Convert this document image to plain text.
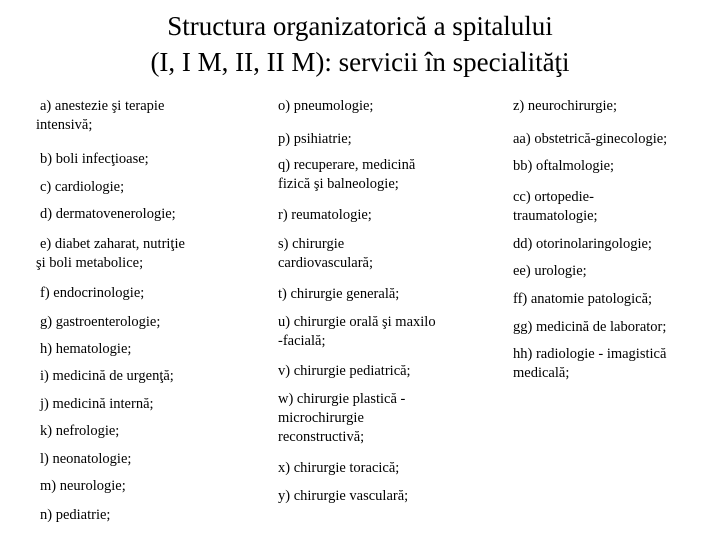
Structura organizatorică a spitalului
(I, I M, II, II M): servicii în specialităţi
a) anestezie şi terapie
intensivă;
b) boli infecţioase;
c) cardiologie;
d) dermatovenerologie;
e) diabet zaharat, nutriţie
şi boli metabolice;
f) endocrinologie;
g) gastroenterologie;
h) hematologie;
i) medicină de urgenţă;
j) medicină internă;
k) nefrologie;
l) neonatologie;
m) neurologie;
n) pediatrie;
o) pneumologie;
p) psihiatrie;
q) recuperare, medicină
fizică şi balneologie;
r) reumatologie;
s) chirurgie
cardiovasculară;
t) chirurgie generală;
u) chirurgie orală şi maxilo
-facială;
v) chirurgie pediatrică;
w) chirurgie plastică -
microchirurgie
reconstructivă;
x) chirurgie toracică;
y) chirurgie vasculară;
z) neurochirurgie;
aa) obstetrică-ginecologie;
bb) oftalmologie;
cc) ortopedie-
traumatologie;
dd) otorinolaringologie;
ee) urologie;
ff) anatomie patologică;
gg) medicină de laborator;
hh) radiologie - imagistică
medicală;
